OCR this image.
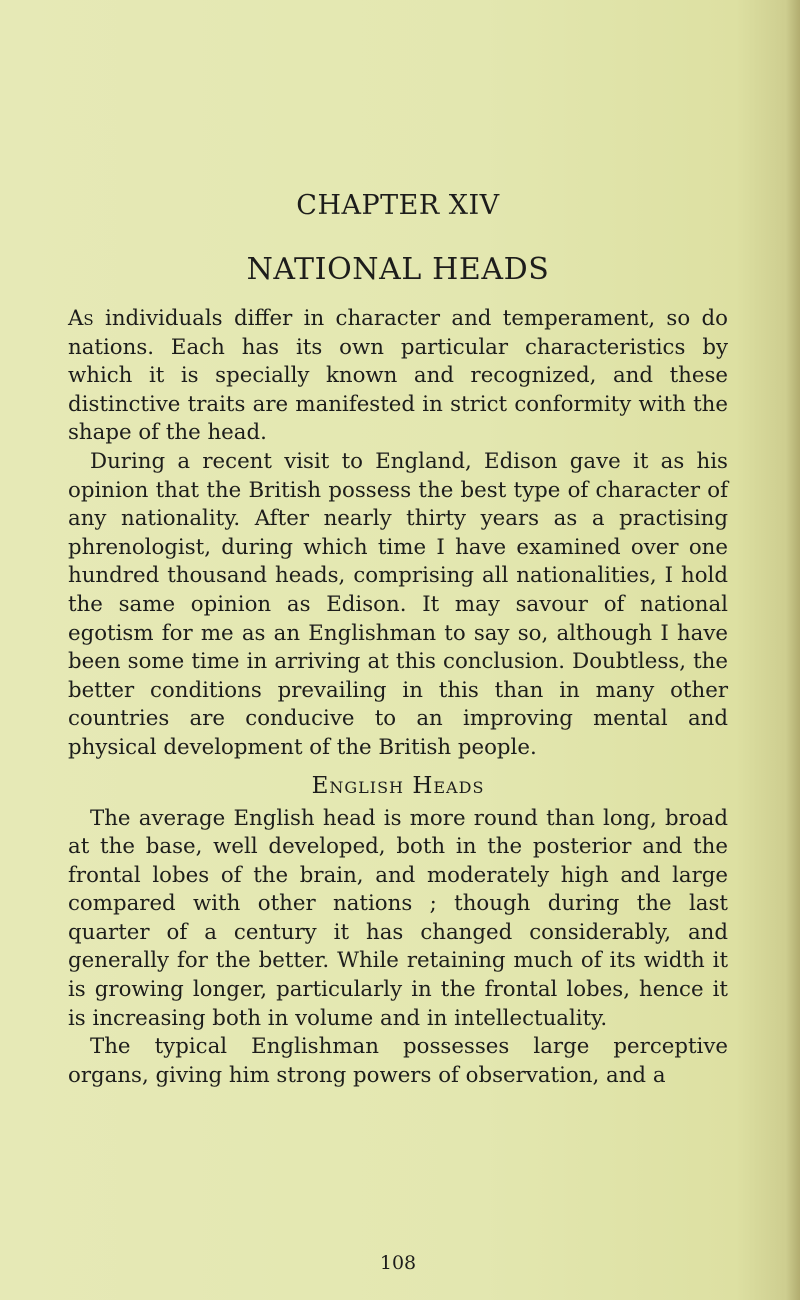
CHAPTER XIV
NATIONAL HEADS

As individuals differ in character and temperament, so do nations. Each has its own particular characteristics by which it is specially known and recognized, and these distinctive traits are manifested in strict conformity with the shape of the head.

During a recent visit to England, Edison gave it as his opinion that the British possess the best type of character of any nationality. After nearly thirty years as a practising phrenologist, during which time I have examined over one hundred thousand heads, comprising all nationalities, I hold the same opinion as Edison. It may savour of national egotism for me as an Englishman to say so, although I have been some time in arriving at this conclusion. Doubtless, the better conditions prevailing in this than in many other countries are conducive to an improving mental and physical development of the British people.

English Heads

The average English head is more round than long, broad at the base, well developed, both in the posterior and the frontal lobes of the brain, and moderately high and large compared with other nations ; though during the last quarter of a century it has changed considerably, and generally for the better. While retaining much of its width it is growing longer, particularly in the frontal lobes, hence it is increasing both in volume and in intellectuality.

The typical Englishman possesses large perceptive organs, giving him strong powers of observation, and a

108
